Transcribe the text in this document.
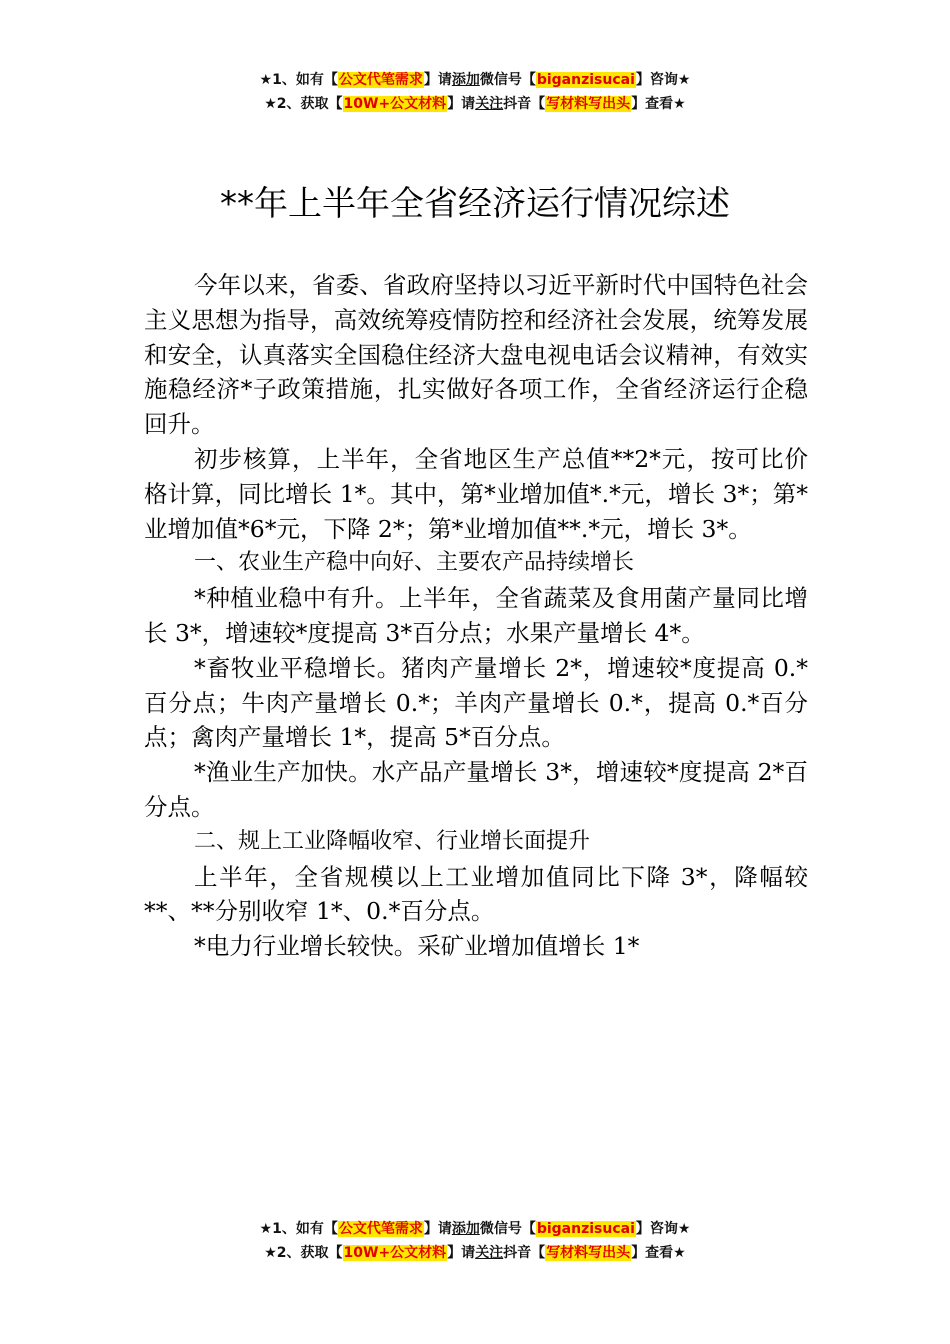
★1、如有【公文代笔需求】请添加微信号【biganzisucai】咨询★
★2、获取【10W+公文材料】请关注抖音【写材料写出头】查看★
**年上半年全省经济运行情况综述

今年以来，省委、省政府坚持以习近平新时代中国特色社会主义思想为指导，高效统筹疫情防控和经济社会发展，统筹发展和安全，认真落实全国稳住经济大盘电视电话会议精神，有效实施稳经济*子政策措施，扎实做好各项工作，全省经济运行企稳回升。

初步核算，上半年，全省地区生产总值**2*元，按可比价格计算，同比增长 1*。其中，第*业增加值*.*元，增长 3*；第*业增加值*6*元，下降 2*；第*业增加值**.*元，增长 3*。

一、农业生产稳中向好、主要农产品持续增长

*种植业稳中有升。上半年，全省蔬菜及食用菌产量同比增长 3*，增速较*度提高 3*百分点；水果产量增长 4*。

*畜牧业平稳增长。猪肉产量增长 2*，增速较*度提高 0.*百分点；牛肉产量增长 0.*；羊肉产量增长 0.*，提高 0.*百分点；禽肉产量增长 1*，提高 5*百分点。

*渔业生产加快。水产品产量增长 3*，增速较*度提高 2*百分点。

二、规上工业降幅收窄、行业增长面提升

上半年，全省规模以上工业增加值同比下降 3*，降幅较**、**分别收窄 1*、0.*百分点。

*电力行业增长较快。采矿业增加值增长 1*

★1、如有【公文代笔需求】请添加微信号【biganzisucai】咨询★
★2、获取【10W+公文材料】请关注抖音【写材料写出头】查看★
